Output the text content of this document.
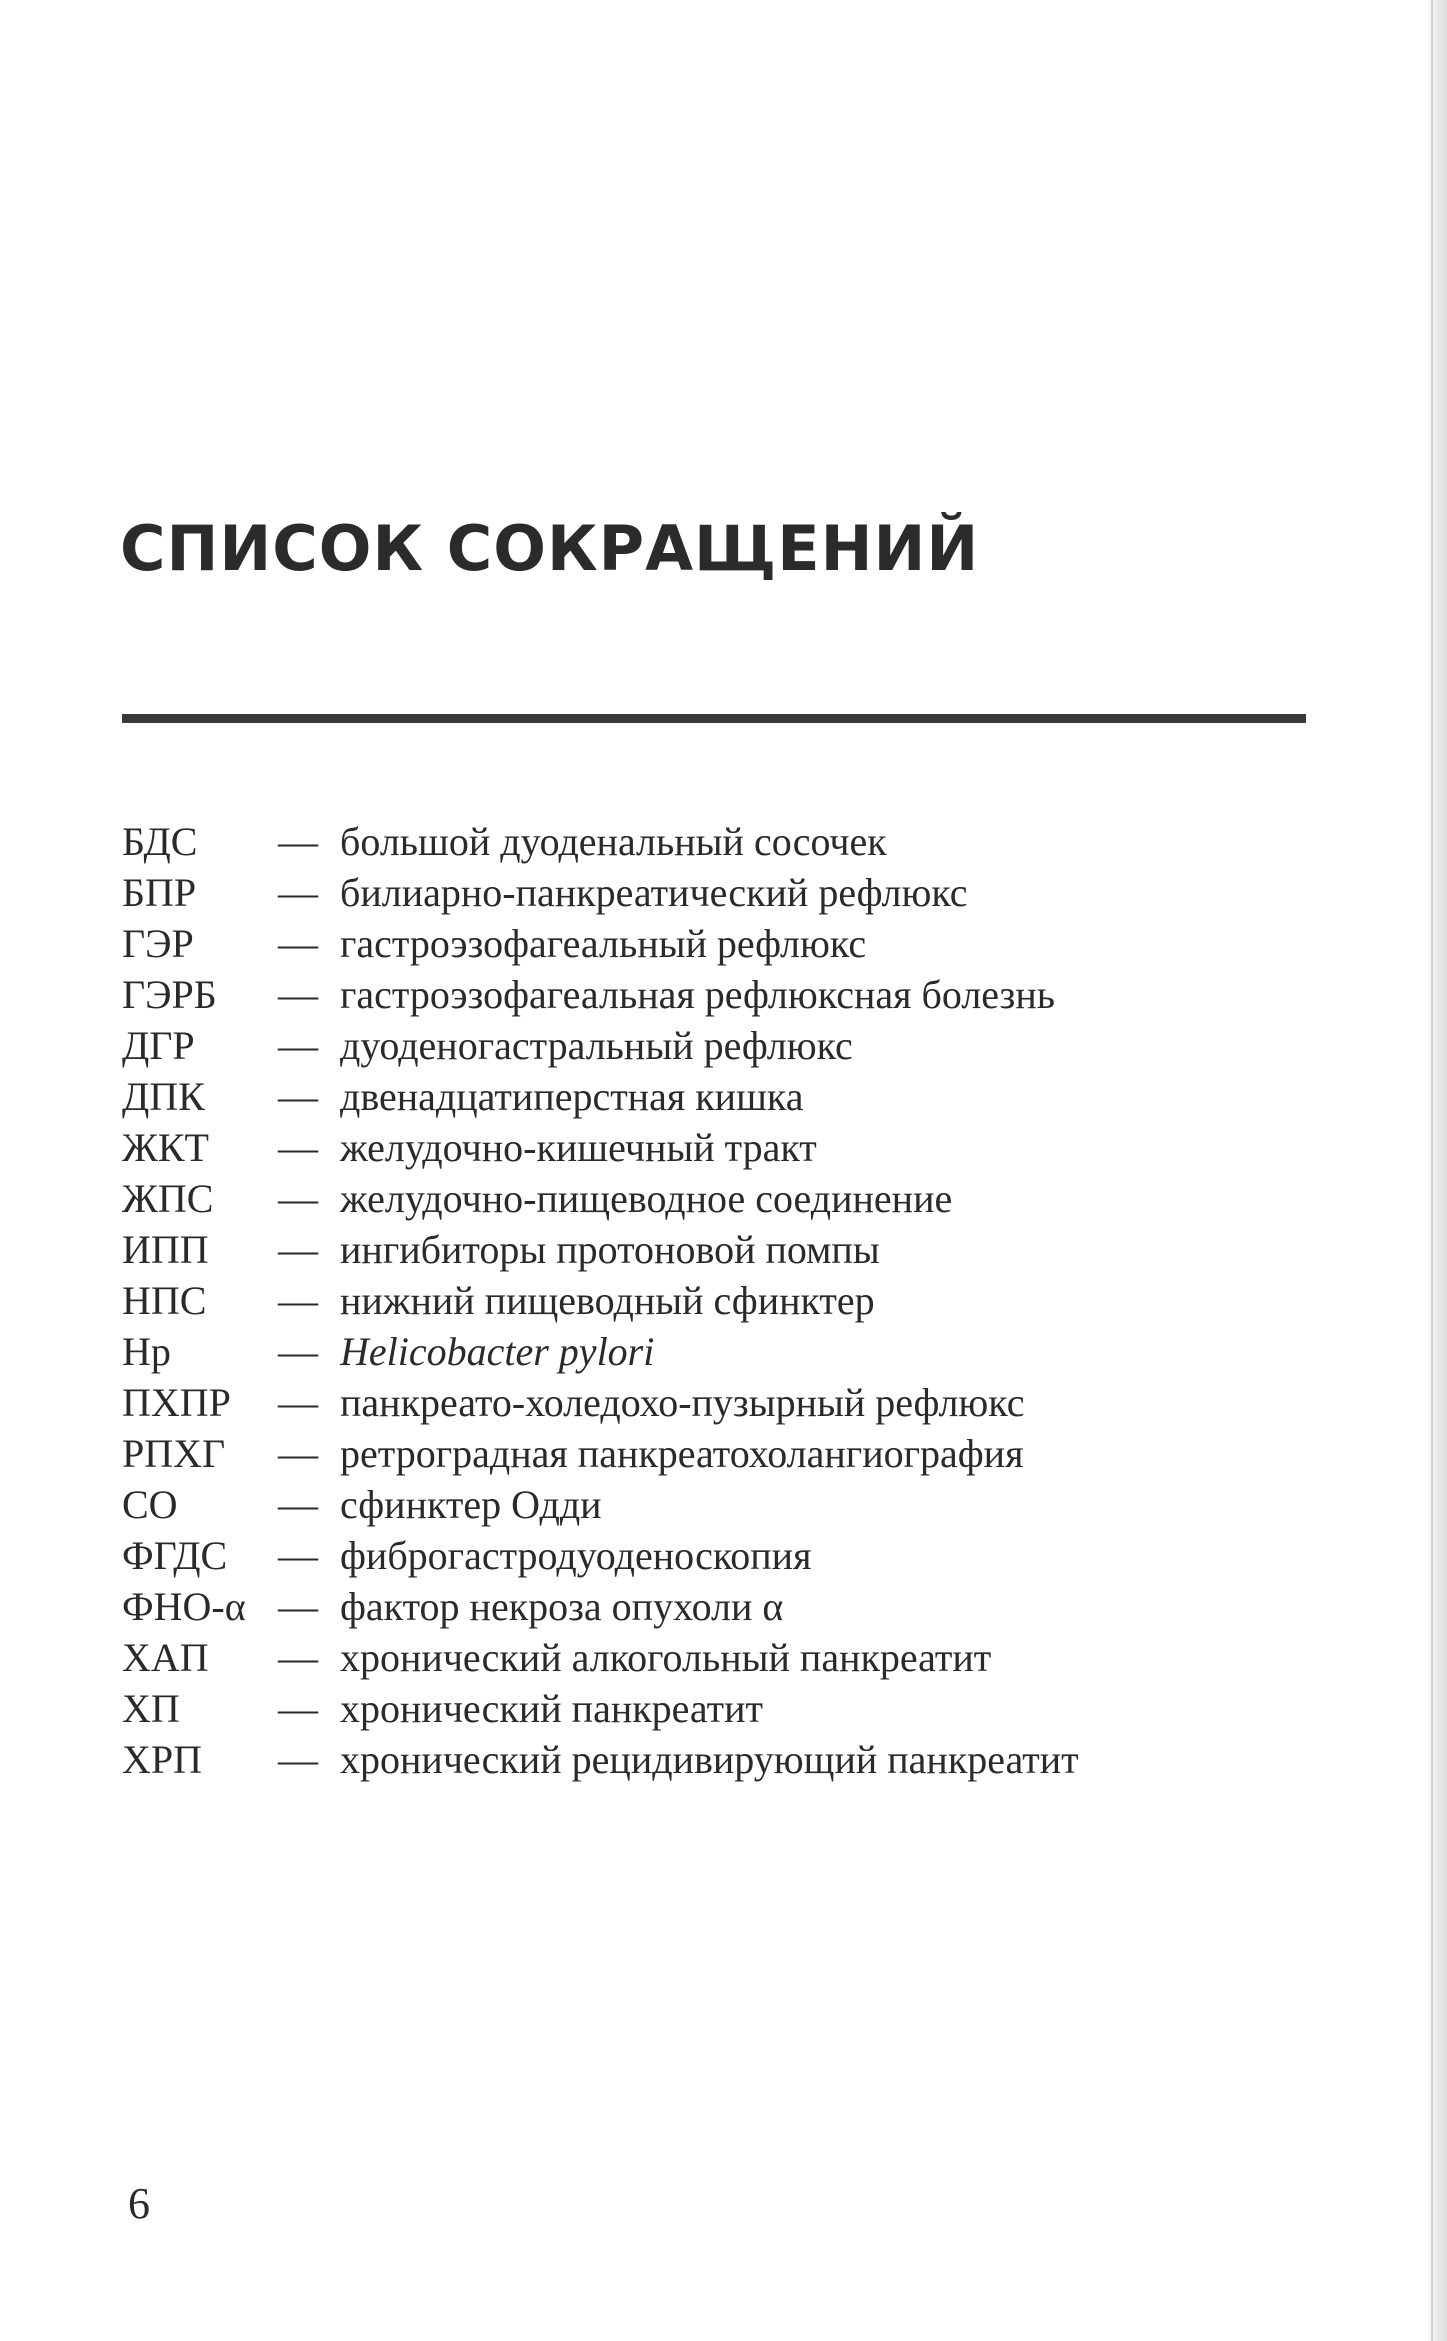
СПИСОК СОКРАЩЕНИЙ
БДС	— большой дуоденальный сосочек
БПР	— билиарно-панкреатический рефлюкс
ГЭР	— гастроэзофагеальный рефлюкс
ГЭРБ	— гастроэзофагеальная рефлюксная болезнь
ДГР	— дуоденогастральный рефлюкс
ДПК	— двенадцатиперстная кишка
ЖКТ	— желудочно-кишечный тракт
ЖПС	— желудочно-пищеводное соединение
ИПП	— ингибиторы протоновой помпы
НПС	— нижний пищеводный сфинктер
Hp	— Helicobacter pylori
ПХПР	— панкреато-холедохо-пузырный рефлюкс
РПХГ	— ретроградная панкреатохолангиография
СО	— сфинктер Одди
ФГДС	— фиброгастродуоденоскопия
ФНО-α — фактор некроза опухоли α
ХАП	— хронический алкогольный панкреатит
ХП	— хронический панкреатит
ХРП	— хронический рецидивирующий панкреатит
6
